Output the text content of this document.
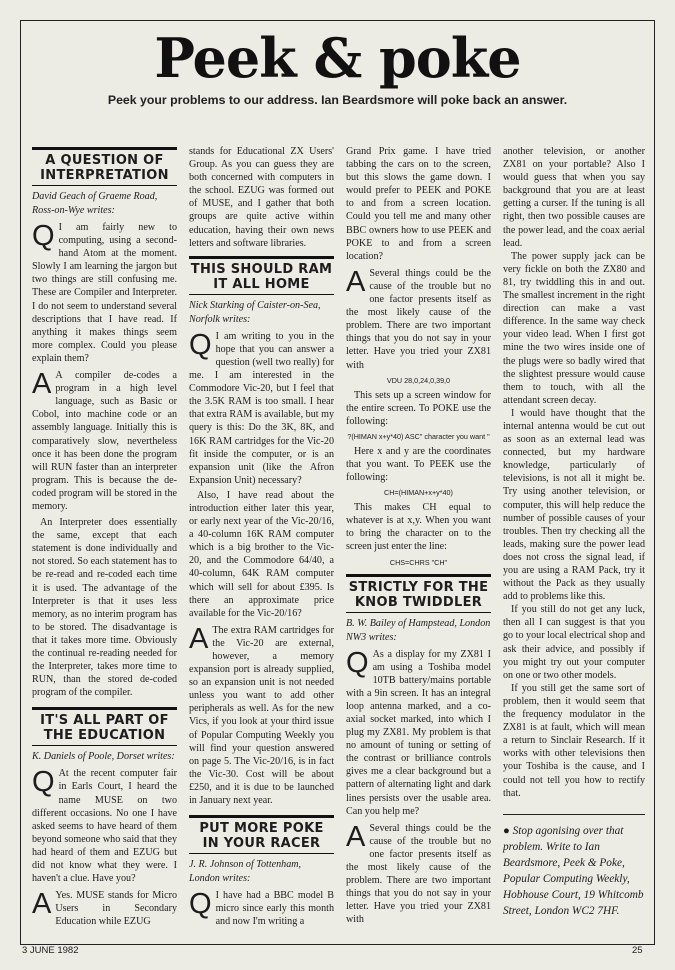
Peek & poke
Peek your problems to our address. Ian Beardsmore will poke back an answer.
A QUESTION OF INTERPRETATION
David Geach of Graeme Road, Ross-on-Wye writes:

Q I am fairly new to computing, using a second-hand Atom at the moment. Slowly I am learning the jargon but two things are still confusing me. These are Compiler and Interpreter. I do not seem to understand several descriptions that I have read. If anything it makes things seem more complex. Could you please explain them?

A A compiler de-codes a program in a high level language, such as Basic or Cobol, into machine code or an assembly language. Initially this is comparatively slow, nevertheless once it has been done the program will RUN faster than an interpreter program. This is because the de-coded program will be stored in the memory.

An Interpreter does essentially the same, except that each statement is done individually and not stored. So each statement has to be re-read and re-coded each time it is used. The advantage of the Interpreter is that it uses less memory, as no interim program has to be stored. The disadvantage is that it takes more time. Obviously the continual re-reading needed for the Interpreter, takes more time to RUN, than the stored de-coded program of the compiler.

IT'S ALL PART OF THE EDUCATION
K. Daniels of Poole, Dorset writes:

Q At the recent computer fair in Earls Court, I heard the name MUSE on two different occasions. No one I have asked seems to have heard of them beyond someone who said that they had heard of them and EZUG but did not know what they were. I haven't a clue. Have you?

A Yes. MUSE stands for Micro Users in Secondary Education while EZUG

stands for Educational ZX Users' Group. As you can guess they are both concerned with computers in the school. EZUG was formed out of MUSE, and I gather that both groups are quite active within education, having their own news letters and software libraries.

THIS SHOULD RAM IT ALL HOME
Nick Starking of Caister-on-Sea, Norfolk writes:

Q I am writing to you in the hope that you can answer a question (well two really) for me. I am interested in the Commodore Vic-20, but I feel that the 3.5K RAM is too small. I hear that extra RAM is available, but my query is this: Do the 3K, 8K, and 16K RAM cartridges for the Vic-20 fit inside the computer, or is an expansion unit (like the Afron Expansion Unit) necessary?

Also, I have read about the introduction either later this year, or early next year of the Vic-20/16, a 40-column 16K RAM computer which is a big brother to the Vic-20, and the Commodore 64/40, a 40-column, 64K RAM computer which will sell for about £395. Is there an approximate price available for the Vic-20/16?

A The extra RAM cartridges for the Vic-20 are external, however, a memory expansion port is already supplied, so an expansion unit is not needed unless you want to add other peripherals as well. As for the new Vics, if you look at your third issue of Popular Computing Weekly you will find your question answered on page 5. The Vic-20/16, is in fact the Vic-30. Cost will be about £250, and it is due to be launched in January next year.

PUT MORE POKE IN YOUR RACER
J. R. Johnson of Tottenham, London writes:

Q I have had a BBC model B micro since early this month and now I'm writing a

Grand Prix game. I have tried tabbing the cars on to the screen, but this slows the game down. I would prefer to PEEK and POKE to and from a screen location. Could you tell me and many other BBC owners how to use PEEK and POKE to and from a screen location?

A Several things could be the cause of the trouble but no one factor presents itself as the most likely cause of the problem. There are two important things that you do not say in your letter. Have you tried your ZX81 with

VDU 28,0,24,0,39,0

This sets up a screen window for the entire screen. To POKE use the following:

?(HIMAN x+y*40) ASC" character you want "

Here x and y are the coordinates that you want. To PEEK use the following:

CH=(HIMAN+x+y*40)

This makes CH equal to whatever is at x,y. When you want to bring the character on to the screen just enter the line:

CHS=CHRS "CH"
STRICTLY FOR THE KNOB TWIDDLER
B. W. Bailey of Hampstead, London NW3 writes:

Q As a display for my ZX81 I am using a Toshiba model 10TB battery/mains portable with a 9in screen. It has an integral loop antenna marked, and a co-axial socket marked, into which I plug my ZX81. My problem is that no amount of tuning or setting of the contrast or brilliance controls gives me a clear background but a pattern of alternating light and dark lines persists over the usable area. Can you help me?

A Several things could be the cause of the trouble but no one factor presents itself as the most likely cause of the problem. There are two important things that you do not say in your letter. Have you tried your ZX81 with

another television, or another ZX81 on your portable? Also I would guess that when you say background that you are at least getting a curser. If the tuning is all right, then two possible causes are the power lead, and the coax aerial lead.

The power supply jack can be very fickle on both the ZX80 and 81, try twiddling this in and out. The smallest increment in the right direction can make a vast difference. In the same way check your video lead. When I first got mine the two wires inside one of the plugs were so badly wired that the slightest pressure would cause them to touch, with all the attendant screen decay.

I would have thought that the internal antenna would be cut out as soon as an external lead was connected, but my hardware knowledge, particularly of televisions, is not all it might be. Try using another television, or computer, this will help reduce the number of possible causes of your troubles. Then try checking all the leads, making sure the power lead does not cross the signal lead, if you are using a RAM Pack, try it without the Pack as they usually add to problems like this.

If you still do not get any luck, then all I can suggest is that you go to your local electrical shop and ask their advice, and possibly if you might try out your computer on one or two other models.

If you still get the same sort of problem, then it would seem that the frequency modulator in the ZX81 is at fault, which will mean a return to Sinclair Research. If it works with other televisions then your Toshiba is the cause, and I could not tell you how to rectify that.

● Stop agonising over that problem. Write to Ian Beardsmore, Peek & Poke, Popular Computing Weekly, Hobhouse Court, 19 Whitcomb Street, London WC2 7HF.
3 JUNE 1982	25
